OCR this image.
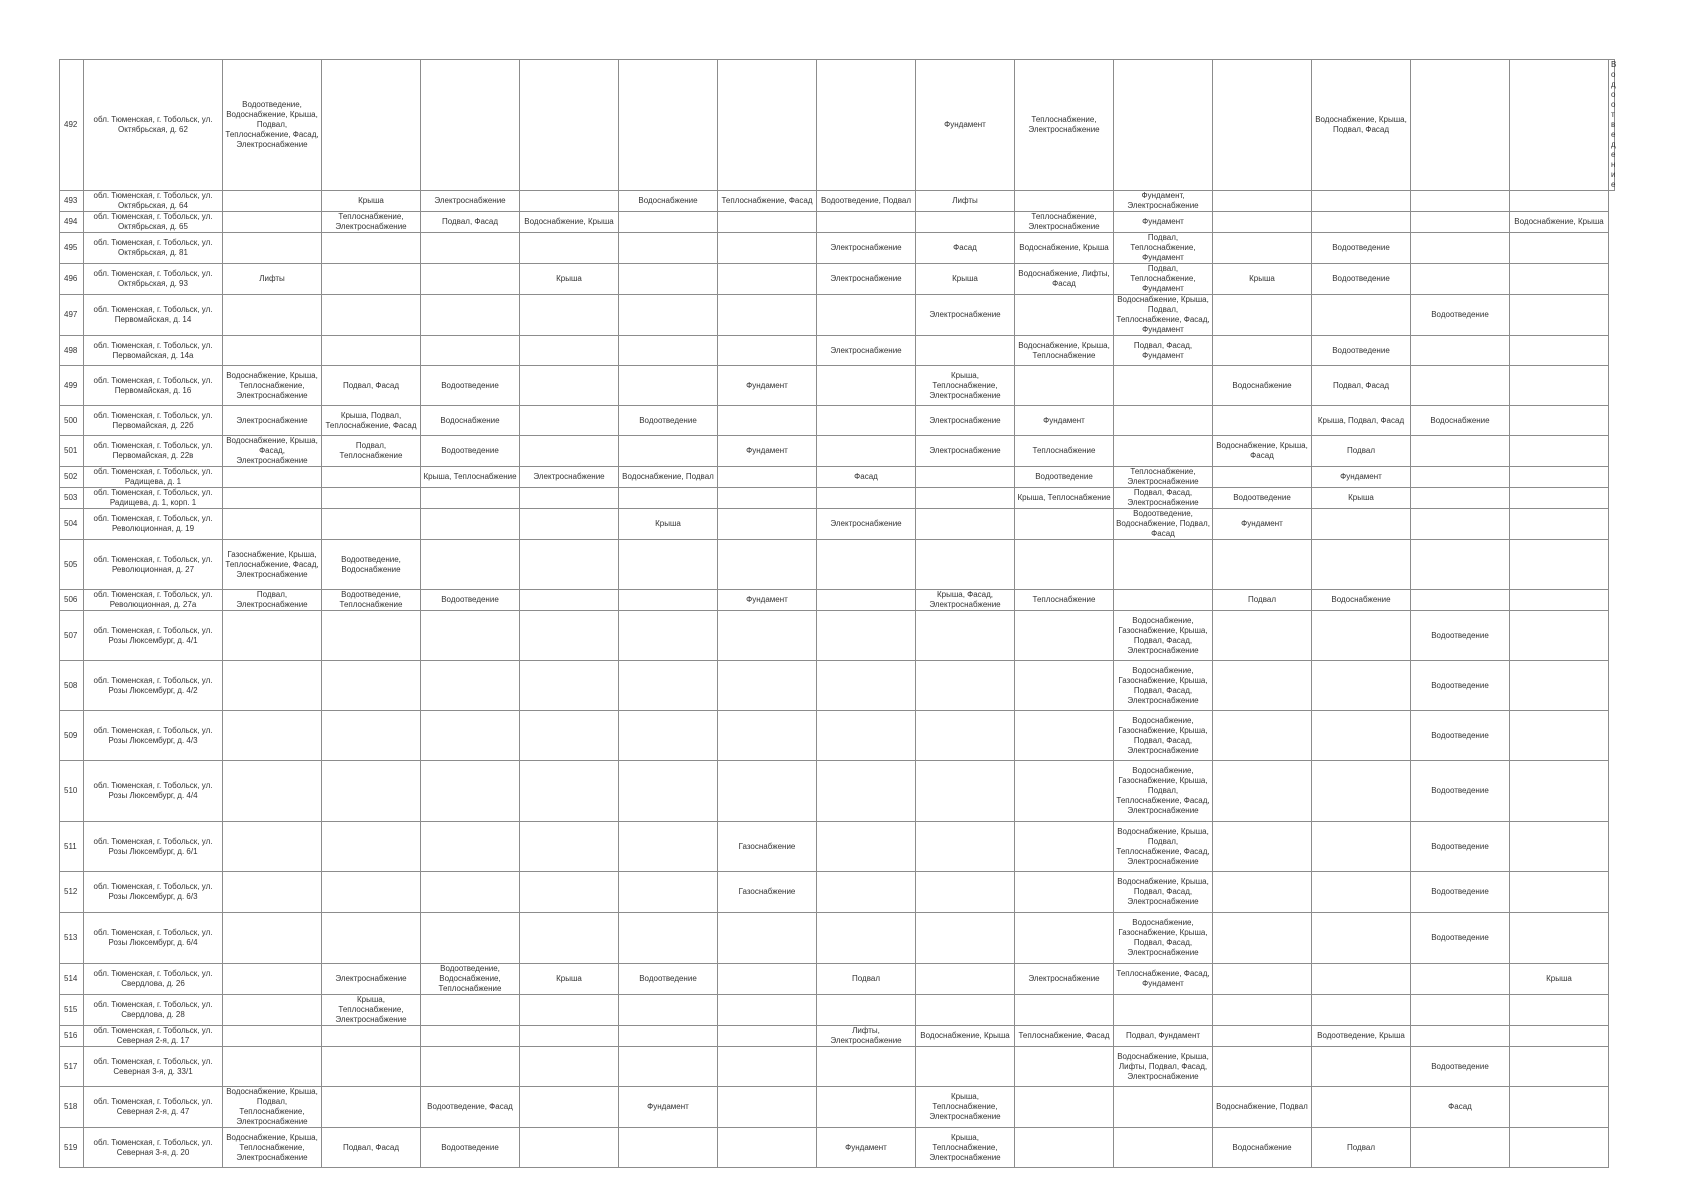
492	обл. Тюменская, г. Тобольск, ул. Октябрьская, д. 62	Водоотведение, Водоснабжение, Крыша, Подвал, Теплоснабжение, Фасад, Электроснабжение							Фундамент	Теплоснабжение, Электроснабжение			Водоснабжение, Крыша, Подвал, Фасад			Водоотведение
493	обл. Тюменская, г. Тобольск, ул. Октябрьская, д. 64		Крыша	Электроснабжение		Водоснабжение	Теплоснабжение, Фасад	Водоотведение, Подвал	Лифты		Фундамент, Электроснабжение					
494	обл. Тюменская, г. Тобольск, ул. Октябрьская, д. 65		Теплоснабжение, Электроснабжение	Подвал, Фасад	Водоснабжение, Крыша					Теплоснабжение, Электроснабжение	Фундамент				Водоснабжение, Крыша	
495	обл. Тюменская, г. Тобольск, ул. Октябрьская, д. 81							Электроснабжение	Фасад	Водоснабжение, Крыша	Подвал, Теплоснабжение, Фундамент		Водоотведение			
496	обл. Тюменская, г. Тобольск, ул. Октябрьская, д. 93	Лифты			Крыша			Электроснабжение	Крыша	Водоснабжение, Лифты, Фасад	Подвал, Теплоснабжение, Фундамент	Крыша	Водоотведение			
497	обл. Тюменская, г. Тобольск, ул. Первомайская, д. 14								Электроснабжение		Водоснабжение, Крыша, Подвал, Теплоснабжение, Фасад, Фундамент			Водоотведение		
498	обл. Тюменская, г. Тобольск, ул. Первомайская, д. 14а							Электроснабжение		Водоснабжение, Крыша, Теплоснабжение	Подвал, Фасад, Фундамент		Водоотведение			
499	обл. Тюменская, г. Тобольск, ул. Первомайская, д. 16	Водоснабжение, Крыша, Теплоснабжение, Электроснабжение	Подвал, Фасад	Водоотведение			Фундамент		Крыша, Теплоснабжение, Электроснабжение			Водоснабжение	Подвал, Фасад			
500	обл. Тюменская, г. Тобольск, ул. Первомайская, д. 22б	Электроснабжение	Крыша, Подвал, Теплоснабжение, Фасад	Водоснабжение		Водоотведение			Электроснабжение	Фундамент			Крыша, Подвал, Фасад	Водоснабжение		
501	обл. Тюменская, г. Тобольск, ул. Первомайская, д. 22в	Водоснабжение, Крыша, Фасад, Электроснабжение	Подвал, Теплоснабжение	Водоотведение			Фундамент		Электроснабжение	Теплоснабжение		Водоснабжение, Крыша, Фасад	Подвал			
502	обл. Тюменская, г. Тобольск, ул. Радищева, д. 1			Крыша, Теплоснабжение	Электроснабжение	Водоснабжение, Подвал		Фасад		Водоотведение	Теплоснабжение, Электроснабжение		Фундамент			
503	обл. Тюменская, г. Тобольск, ул. Радищева, д. 1, корп. 1									Крыша, Теплоснабжение	Подвал, Фасад, Электроснабжение	Водоотведение	Крыша			
504	обл. Тюменская, г. Тобольск, ул. Революционная, д. 19					Крыша		Электроснабжение			Водоотведение, Водоснабжение, Подвал, Фасад	Фундамент				
505	обл. Тюменская, г. Тобольск, ул. Революционная, д. 27	Газоснабжение, Крыша, Теплоснабжение, Фасад, Электроснабжение	Водоотведение, Водоснабжение													
506	обл. Тюменская, г. Тобольск, ул. Революционная, д. 27а	Подвал, Электроснабжение	Водоотведение, Теплоснабжение	Водоотведение			Фундамент		Крыша, Фасад, Электроснабжение	Теплоснабжение		Подвал	Водоснабжение			
507	обл. Тюменская, г. Тобольск, ул. Розы Люксембург, д. 4/1										Водоснабжение, Газоснабжение, Крыша, Подвал, Фасад, Электроснабжение			Водоотведение		
508	обл. Тюменская, г. Тобольск, ул. Розы Люксембург, д. 4/2										Водоснабжение, Газоснабжение, Крыша, Подвал, Фасад, Электроснабжение			Водоотведение		
509	обл. Тюменская, г. Тобольск, ул. Розы Люксембург, д. 4/3										Водоснабжение, Газоснабжение, Крыша, Подвал, Фасад, Электроснабжение			Водоотведение		
510	обл. Тюменская, г. Тобольск, ул. Розы Люксембург, д. 4/4										Водоснабжение, Газоснабжение, Крыша, Подвал, Теплоснабжение, Фасад, Электроснабжение			Водоотведение		
511	обл. Тюменская, г. Тобольск, ул. Розы Люксембург, д. 6/1						Газоснабжение				Водоснабжение, Крыша, Подвал, Теплоснабжение, Фасад, Электроснабжение			Водоотведение		
512	обл. Тюменская, г. Тобольск, ул. Розы Люксембург, д. 6/3						Газоснабжение				Водоснабжение, Крыша, Подвал, Фасад, Электроснабжение			Водоотведение		
513	обл. Тюменская, г. Тобольск, ул. Розы Люксембург, д. 6/4										Водоснабжение, Газоснабжение, Крыша, Подвал, Фасад, Электроснабжение			Водоотведение		
514	обл. Тюменская, г. Тобольск, ул. Свердлова, д. 26		Электроснабжение	Водоотведение, Водоснабжение, Теплоснабжение	Крыша	Водоотведение		Подвал		Электроснабжение	Теплоснабжение, Фасад, Фундамент				Крыша	
515	обл. Тюменская, г. Тобольск, ул. Свердлова, д. 28		Крыша, Теплоснабжение, Электроснабжение													
516	обл. Тюменская, г. Тобольск, ул. Северная 2-я, д. 17							Лифты, Электроснабжение	Водоснабжение, Крыша	Теплоснабжение, Фасад	Подвал, Фундамент		Водоотведение, Крыша			
517	обл. Тюменская, г. Тобольск, ул. Северная 3-я, д. 33/1										Водоснабжение, Крыша, Лифты, Подвал, Фасад, Электроснабжение			Водоотведение		
518	обл. Тюменская, г. Тобольск, ул. Северная 2-я, д. 47	Водоснабжение, Крыша, Подвал, Теплоснабжение, Электроснабжение		Водоотведение, Фасад		Фундамент			Крыша, Теплоснабжение, Электроснабжение			Водоснабжение, Подвал		Фасад		
519	обл. Тюменская, г. Тобольск, ул. Северная 3-я, д. 20	Водоснабжение, Крыша, Теплоснабжение, Электроснабжение	Подвал, Фасад	Водоотведение				Фундамент	Крыша, Теплоснабжение, Электроснабжение			Водоснабжение	Подвал			
